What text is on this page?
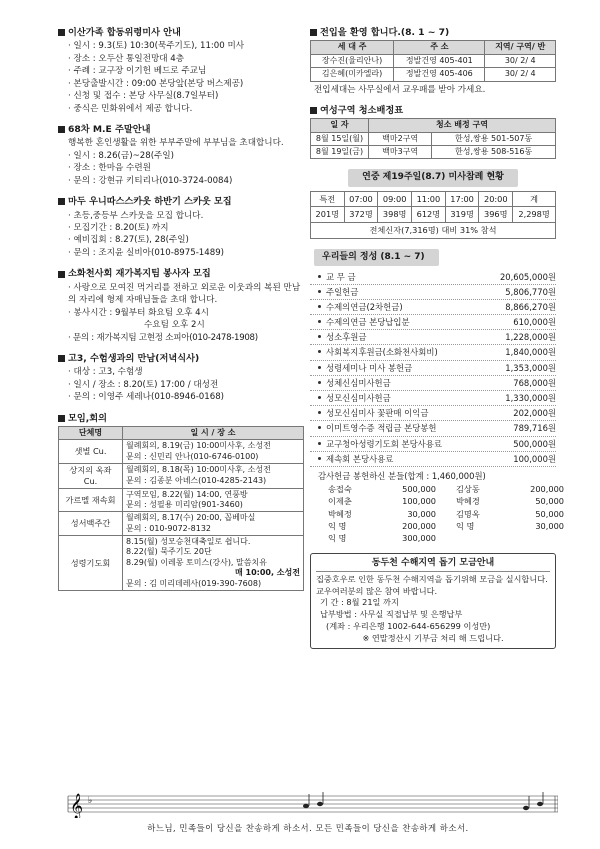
이산가족 합동위령미사 안내
· 일시 : 9.3(토) 10:30(묵주기도), 11:00 미사
· 장소 : 오두산 통일전망대 4층
· 주례 : 교구장 이기헌 베드로 주교님
· 본당출발시간 : 09:00 본당앞(본당 버스제공)
· 신청 및 접수 : 본당 사무실(8.7일부터)
· 중식은 민화위에서 제공 합니다.
68차 M.E 주말안내
행복한 혼인생활을 위한 부부주말에 부부님을 초대합니다.
· 일시 : 8.26(금)~28(주일)
· 장소 : 한마음 수련원
· 문의 : 강현규 키티리나(010-3724-0084)
마두 우니따스스카웃 하반기 스카웃 모집
· 초등,중등부 스카웃을 모집 합니다.
· 모집기간 : 8.20(토) 까지
· 예비집회 : 8.27(토), 28(주일)
· 문의 : 조지윤 실비아(010-8975-1489)
소화천사회 재가복지팀 봉사자 모집
· 사랑으로 모여진 먹거리를 전하고 외로운 이웃과의 복된 만남의 자리에 형제 자매님들을 초대 합니다.
· 봉사시간 : 9월부터 화요팀 오후 4시
수요팀 오후 2시
· 문의 : 재가복지팀 고현정 소피아(010-2478-1908)
고3, 수험생과의 만남(저녁식사)
· 대상 : 고3, 수험생
· 일시 / 장소 : 8.20(토) 17:00 / 대성전
· 문의 : 이영주 세레나(010-8946-0168)
모임,회의
단체명	일 시 / 장 소
샛별 Cu.	월례회의, 8.19(금) 10:00미사후, 소성전
문의 : 신민리 안나(010-6746-0100)

상지의 옥좌 Cu.	월례회의, 8.18(목) 10:00미사후, 소성전
문의 : 김종분 아녜스(010-4285-2143)

가르멜 재속회	구역모임, 8.22(월) 14:00, 연풍방
문의 : 성필용 미리암(901-3460)

성서백주간	월례회의, 8.17(수) 20:00, 꼽베마실
문의 : 010-9072-8132

성령기도회	8.15(월) 성모승천대축일로 쉽니다.
8.22(월) 묵주기도 20단
8.29(월) 이레몽 토미스(강사), 말씀치유
매 10:00, 소성전
문의 : 김 미리데레사(019-390-7608)
전입을 환영 합니다.(8. 1 ~ 7)
세 대 주	주 소	지역/ 구역/ 반
장수진(율리안나)	정발건영 405-401	30/ 2/ 4
김은혜(미카엘라)	정발건영 405-406	30/ 2/ 4
전입세대는 사무실에서 교우패를 받아 가세요.
여성구역 청소배정표
일 자	청소 배정 구역	
8월 15일(월)	백마2구역	한성,쌍용 501-507동
8월 19일(금)	백마3구역	한성,쌍용 508-516동
연중 제19주일(8.7) 미사참례 현황
특전	07:00	09:00	11:00	17:00	20:00	계
201명	372명	398명	612명	319명	396명	2,298명
전체신자(7,316명) 대비 31% 참석						
우리들의 정성 (8.1 ~ 7)
교 무 금	20,605,000원
주일헌금	5,806,770원
수제의연금(2차헌금)	8,866,270원
수제의연금 본당납입분	610,000원
성소후원금	1,228,000원
사회복지후원금(소화천사회비)	1,840,000원
성령세미나 미사 봉헌금	1,353,000원
성체신심미사헌금	768,000원
성모신심미사헌금	1,330,000원
성모신심미사 꽃판매 이익금	202,000원
이미트영수증 적립금 본당봉헌	789,716원
교구청아성령기도회 본당사용료	500,000원
제속회 본당사용료	100,000원
감사헌금 봉헌하신 분들(합계 : 1,460,000원)
송접숙	500,000 김상동	200,000
이제춘	100,000 박혜경	50,000
박혜정	30,000 김명옥	50,000
익 명	200,000 익 명	30,000
익 명	300,000
동두천 수해지역 돕기 모금안내
집중호우로 인한 동두천 수해지역을 돕기위해 모금을 실시합니다. 교우여러분의 많은 참여 바랍니다.
기 간 : 8월 21일 까지
납부방법 : 사무실 직접납부 및 은행납부
(계좌 : 우리은행 1002-644-656299 이성만)
※ 연말정산시 기부금 처리 해 드립니다.
𝄞 ♭
하느님, 민족들이 당신을 찬송하게 하소서. 모든 민족들이 당신을 찬송하게 하소서.
